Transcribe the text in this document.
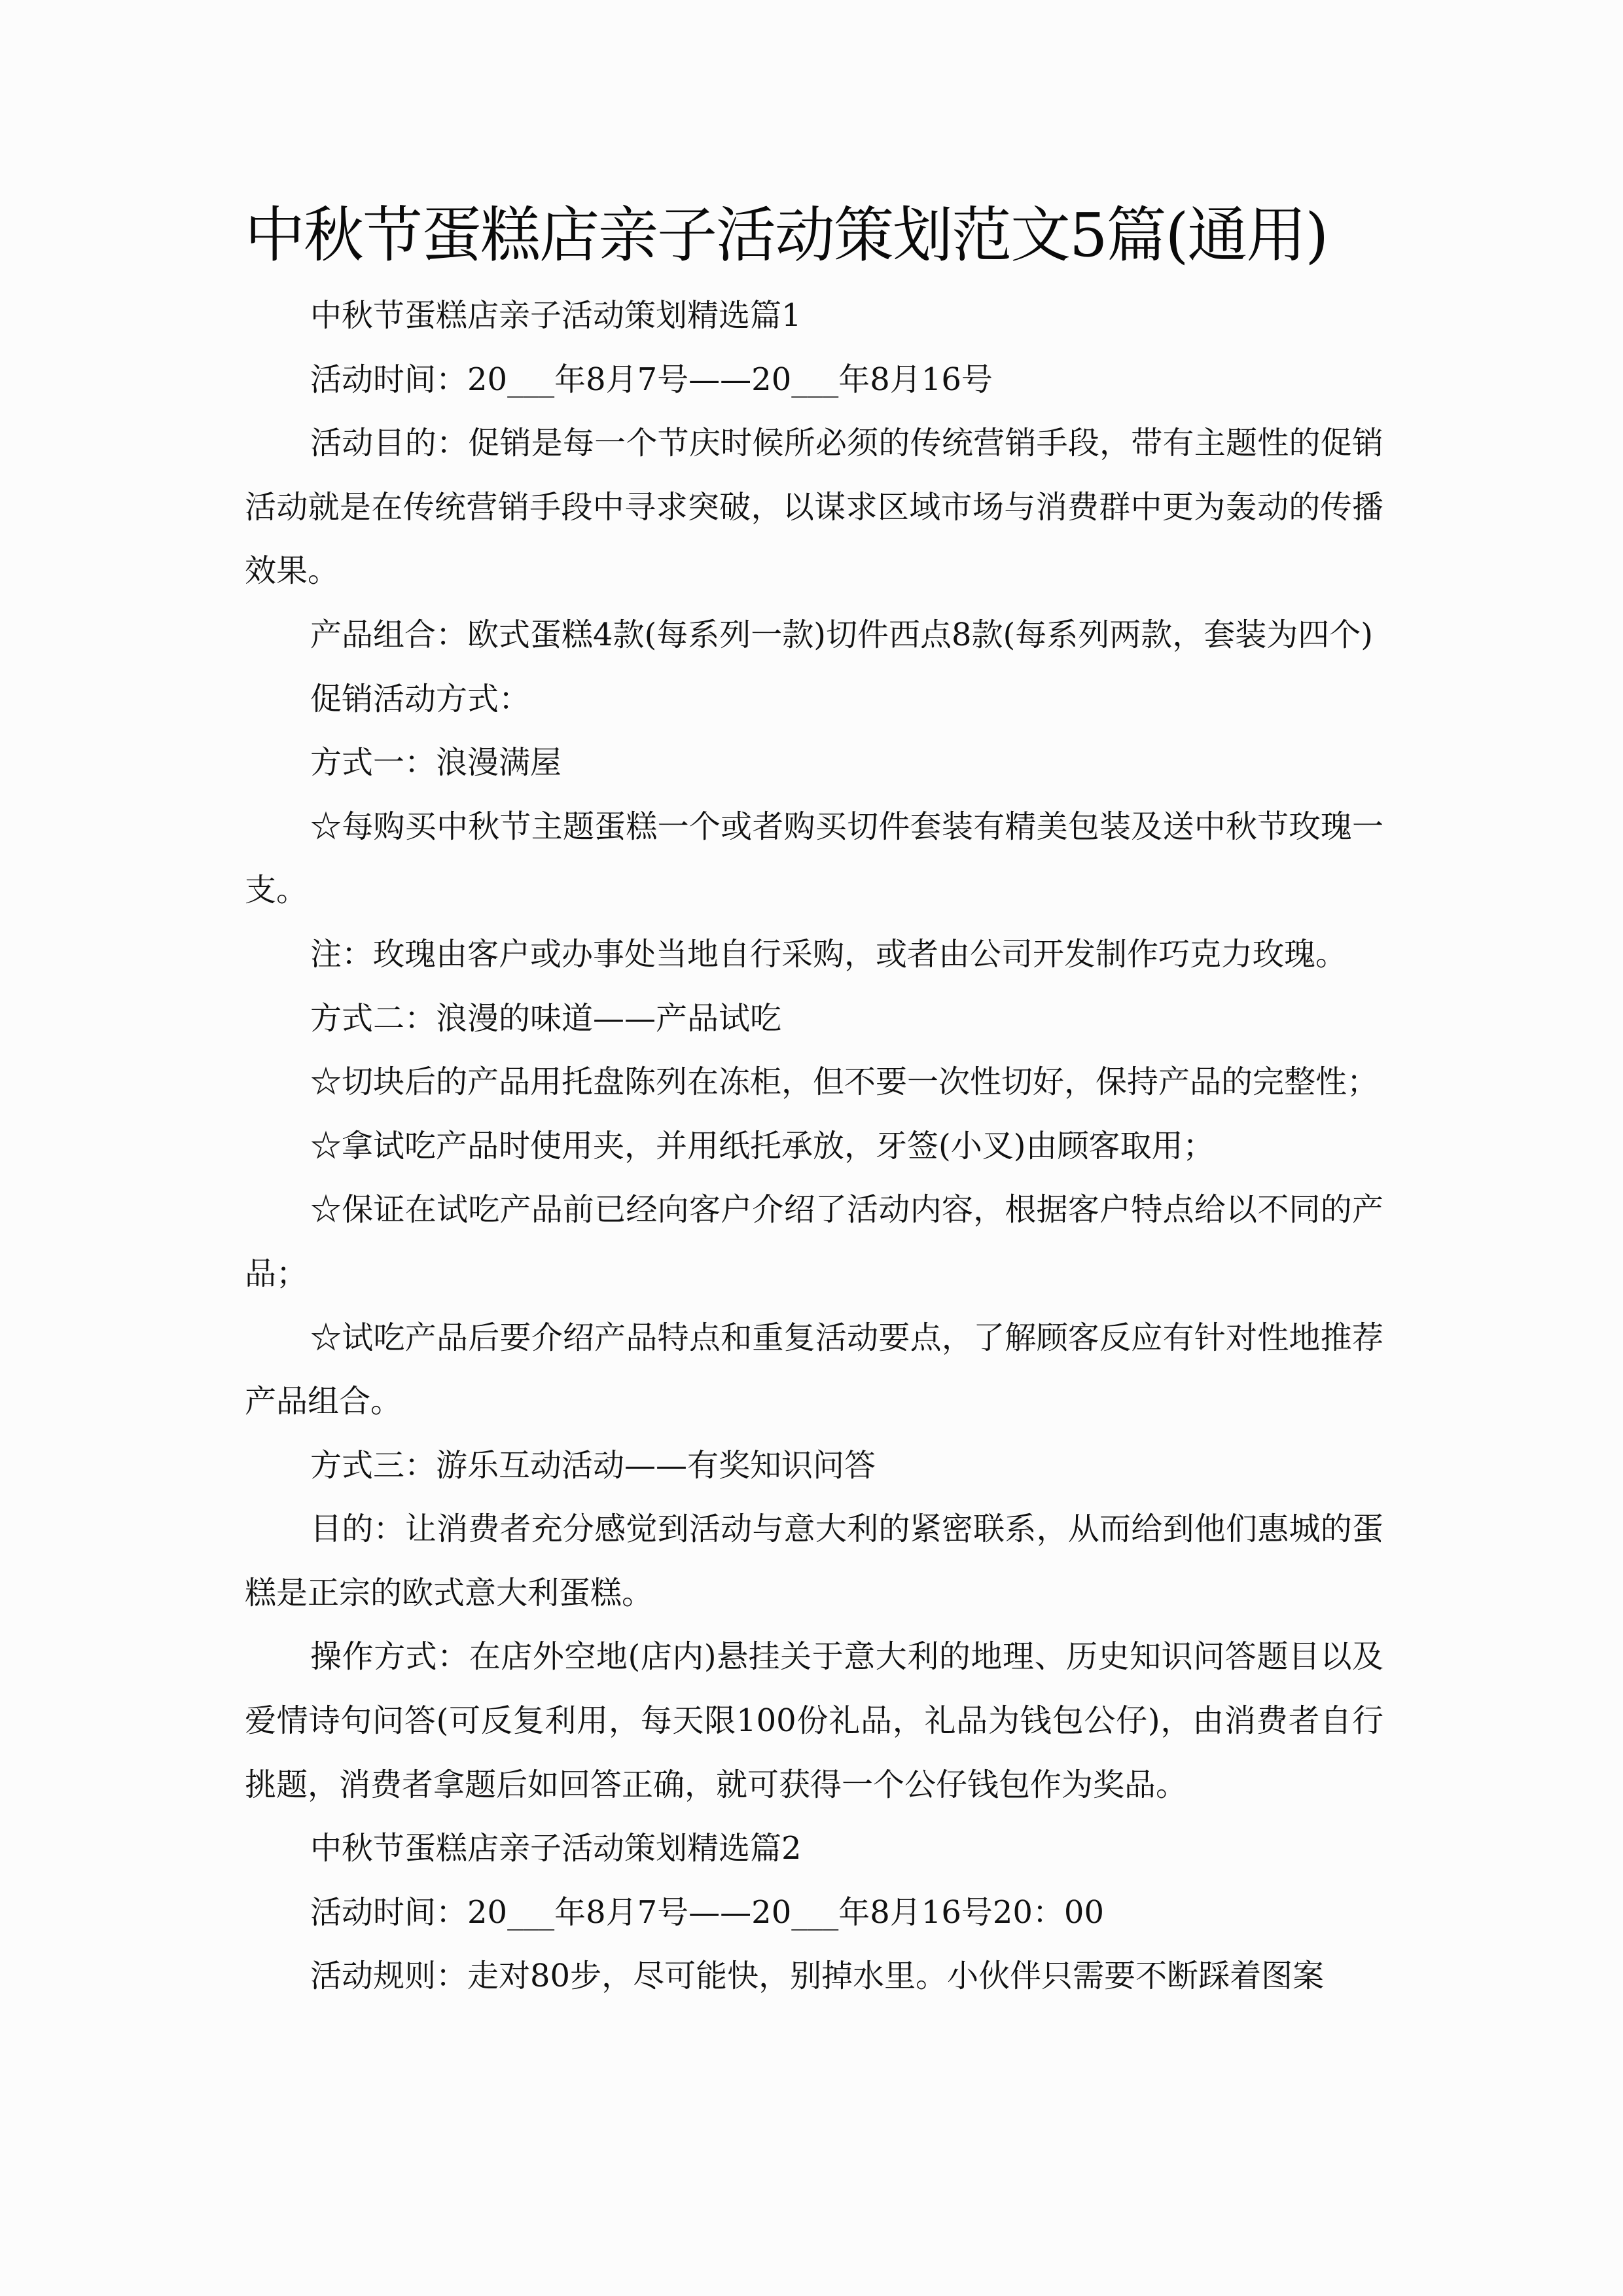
中秋节蛋糕店亲子活动策划范文5篇(通用)

中秋节蛋糕店亲子活动策划精选篇1

活动时间：20___年8月7号——20___年8月16号

活动目的：促销是每一个节庆时候所必须的传统营销手段，带有主题性的促销活动就是在传统营销手段中寻求突破，以谋求区域市场与消费群中更为轰动的传播效果。

产品组合：欧式蛋糕4款(每系列一款)切件西点8款(每系列两款，套装为四个)

促销活动方式：

方式一：浪漫满屋

☆每购买中秋节主题蛋糕一个或者购买切件套装有精美包装及送中秋节玫瑰一支。

注：玫瑰由客户或办事处当地自行采购，或者由公司开发制作巧克力玫瑰。

方式二：浪漫的味道——产品试吃

☆切块后的产品用托盘陈列在冻柜，但不要一次性切好，保持产品的完整性；

☆拿试吃产品时使用夹，并用纸托承放，牙签(小叉)由顾客取用；

☆保证在试吃产品前已经向客户介绍了活动内容，根据客户特点给以不同的产品；

☆试吃产品后要介绍产品特点和重复活动要点，了解顾客反应有针对性地推荐产品组合。

方式三：游乐互动活动——有奖知识问答

目的：让消费者充分感觉到活动与意大利的紧密联系，从而给到他们惠城的蛋糕是正宗的欧式意大利蛋糕。

操作方式：在店外空地(店内)悬挂关于意大利的地理、历史知识问答题目以及爱情诗句问答(可反复利用，每天限100份礼品，礼品为钱包公仔)，由消费者自行挑题，消费者拿题后如回答正确，就可获得一个公仔钱包作为奖品。

中秋节蛋糕店亲子活动策划精选篇2

活动时间：20___年8月7号——20___年8月16号20：00

活动规则：走对80步，尽可能快，别掉水里。小伙伴只需要不断踩着图案
